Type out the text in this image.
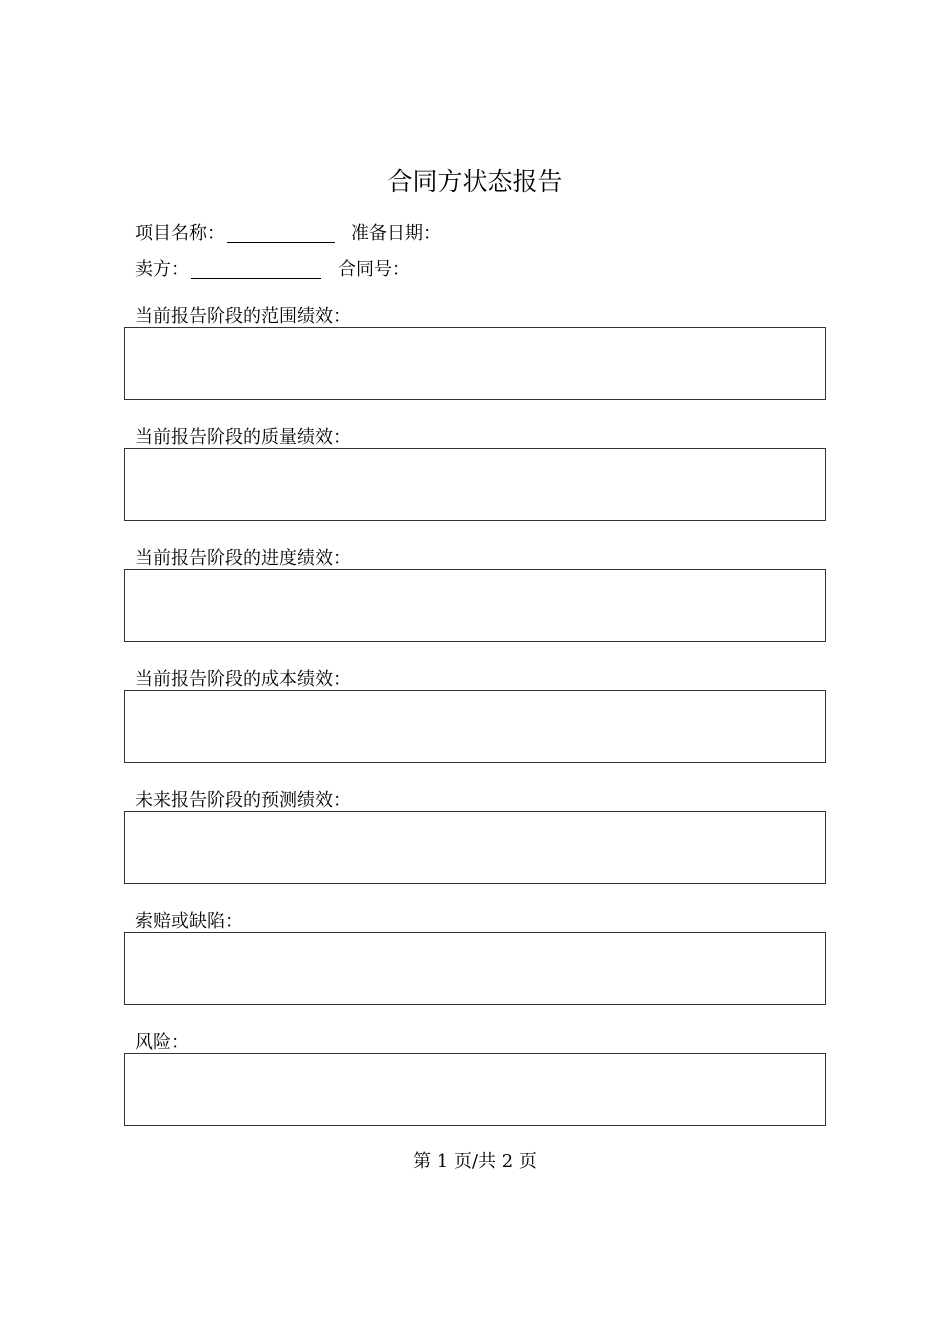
合同方状态报告
项目名称：	准备日期：
卖方：	合同号：
当前报告阶段的范围绩效：
当前报告阶段的质量绩效：
当前报告阶段的进度绩效：
当前报告阶段的成本绩效：
未来报告阶段的预测绩效：
索赔或缺陷：
风险：
第 1 页/共 2 页
